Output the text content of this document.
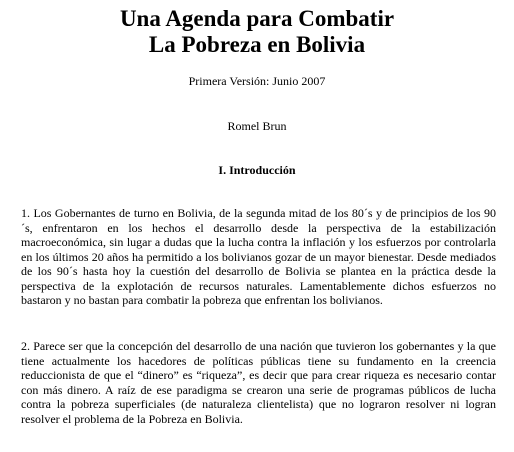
Una Agenda para Combatir
La Pobreza en Bolivia
Primera Versión: Junio 2007
Romel Brun
I. Introducción

1. Los Gobernantes de turno en Bolivia, de la segunda mitad de los 80´s y de principios de los 90´s, enfrentaron en los hechos el desarrollo desde la perspectiva de la estabilización macroeconómica, sin lugar a dudas que la lucha contra la inflación y los esfuerzos por controlarla en los últimos 20 años ha permitido a los bolivianos gozar de un mayor bienestar. Desde mediados de los 90´s hasta hoy la cuestión del desarrollo de Bolivia se plantea en la práctica desde la perspectiva de la explotación de recursos naturales. Lamentablemente dichos esfuerzos no bastaron y no bastan para combatir la pobreza que enfrentan los bolivianos.

2. Parece ser que la concepción del desarrollo de una nación que tuvieron los gobernantes y la que tiene actualmente los hacedores de políticas públicas tiene su fundamento en la creencia reduccionista de que el “dinero” es “riqueza”, es decir que para crear riqueza es necesario contar con más dinero. A raíz de ese paradigma se crearon una serie de programas públicos de lucha contra la pobreza superficiales (de naturaleza clientelista) que no lograron resolver ni logran resolver el problema de la Pobreza en Bolivia.
